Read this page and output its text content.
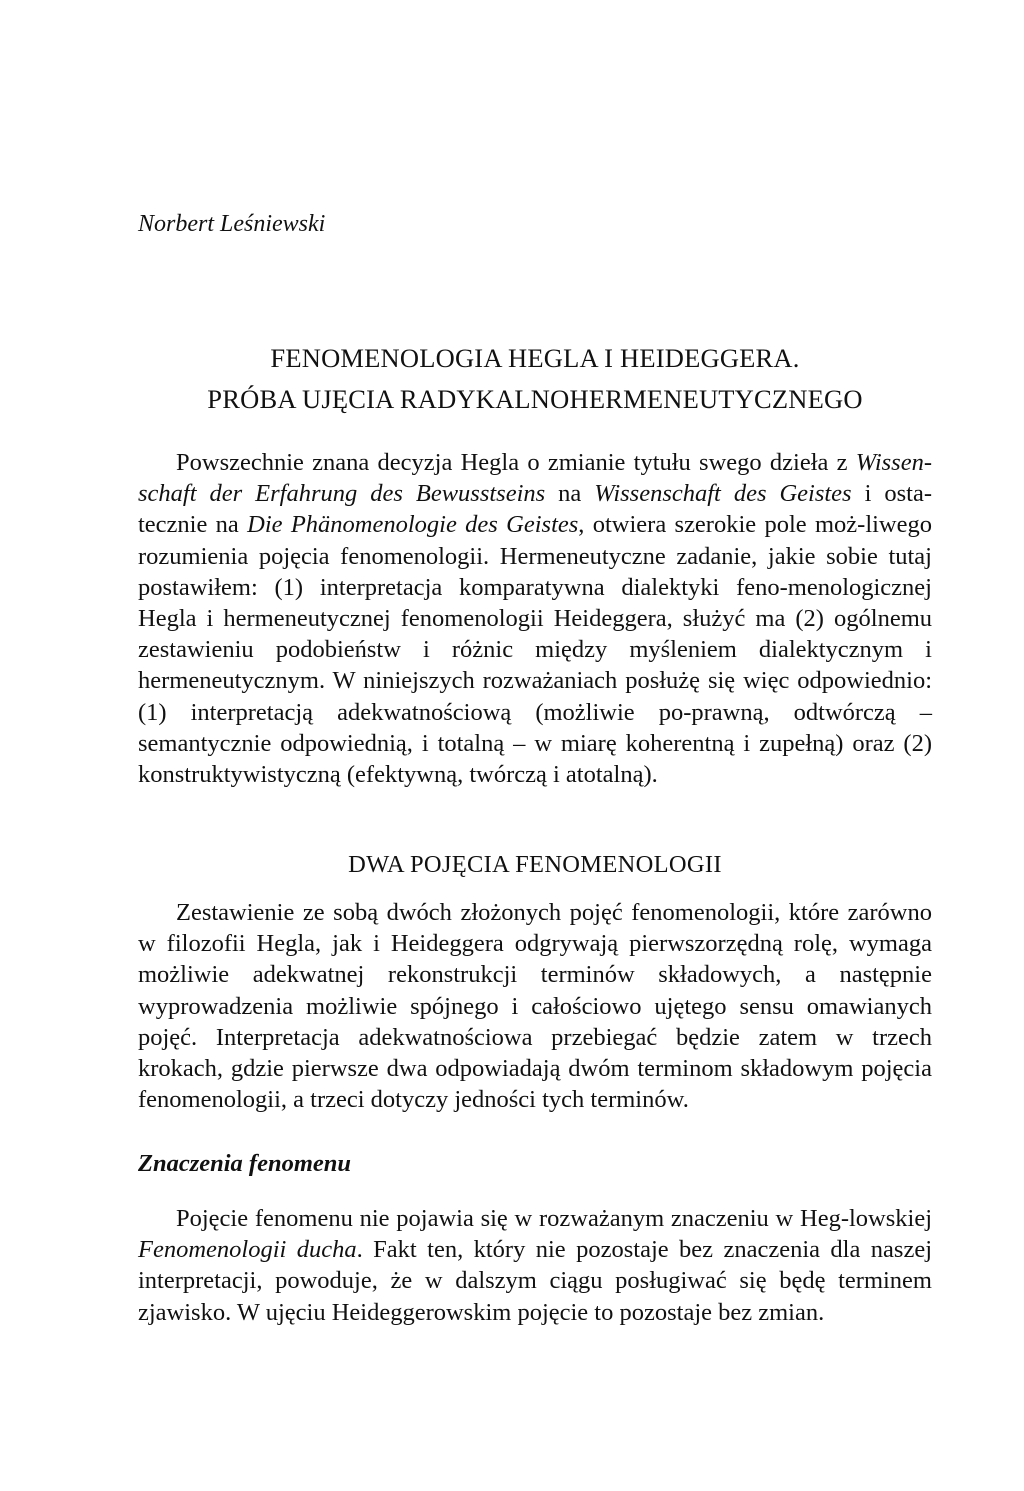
Norbert Leśniewski

FENOMENOLOGIA HEGLA I HEIDEGGERA.
PRÓBA UJĘCIA RADYKALNOHERMENEUTYCZNEGO

Powszechnie znana decyzja Hegla o zmianie tytułu swego dzieła z Wissen-schaft der Erfahrung des Bewusstseins na Wissenschaft des Geistes i osta-tecznie na Die Phänomenologie des Geistes, otwiera szerokie pole moż-liwego rozumienia pojęcia fenomenologii. Hermeneutyczne zadanie, jakie sobie tutaj postawiłem: (1) interpretacja komparatywna dialektyki feno-menologicznej Hegla i hermeneutycznej fenomenologii Heideggera, służyć ma (2) ogólnemu zestawieniu podobieństw i różnic między myśleniem dialektycznym i hermeneutycznym. W niniejszych rozważaniach posłużę się więc odpowiednio: (1) interpretacją adekwatnościową (możliwie po-prawną, odtwórczą – semantycznie odpowiednią, i totalną – w miarę koherentną i zupełną) oraz (2) konstruktywistyczną (efektywną, twórczą i atotalną).

DWA POJĘCIA FENOMENOLOGII

Zestawienie ze sobą dwóch złożonych pojęć fenomenologii, które zarówno w filozofii Hegla, jak i Heideggera odgrywają pierwszorzędną rolę, wymaga możliwie adekwatnej rekonstrukcji terminów składowych, a następnie wyprowadzenia możliwie spójnego i całościowo ujętego sensu omawianych pojęć. Interpretacja adekwatnościowa przebiegać będzie zatem w trzech krokach, gdzie pierwsze dwa odpowiadają dwóm terminom składowym pojęcia fenomenologii, a trzeci dotyczy jedności tych terminów.

Znaczenia fenomenu

Pojęcie fenomenu nie pojawia się w rozważanym znaczeniu w Heg-lowskiej Fenomenologii ducha. Fakt ten, który nie pozostaje bez znaczenia dla naszej interpretacji, powoduje, że w dalszym ciągu posługiwać się będę terminem zjawisko. W ujęciu Heideggerowskim pojęcie to pozostaje bez zmian.
